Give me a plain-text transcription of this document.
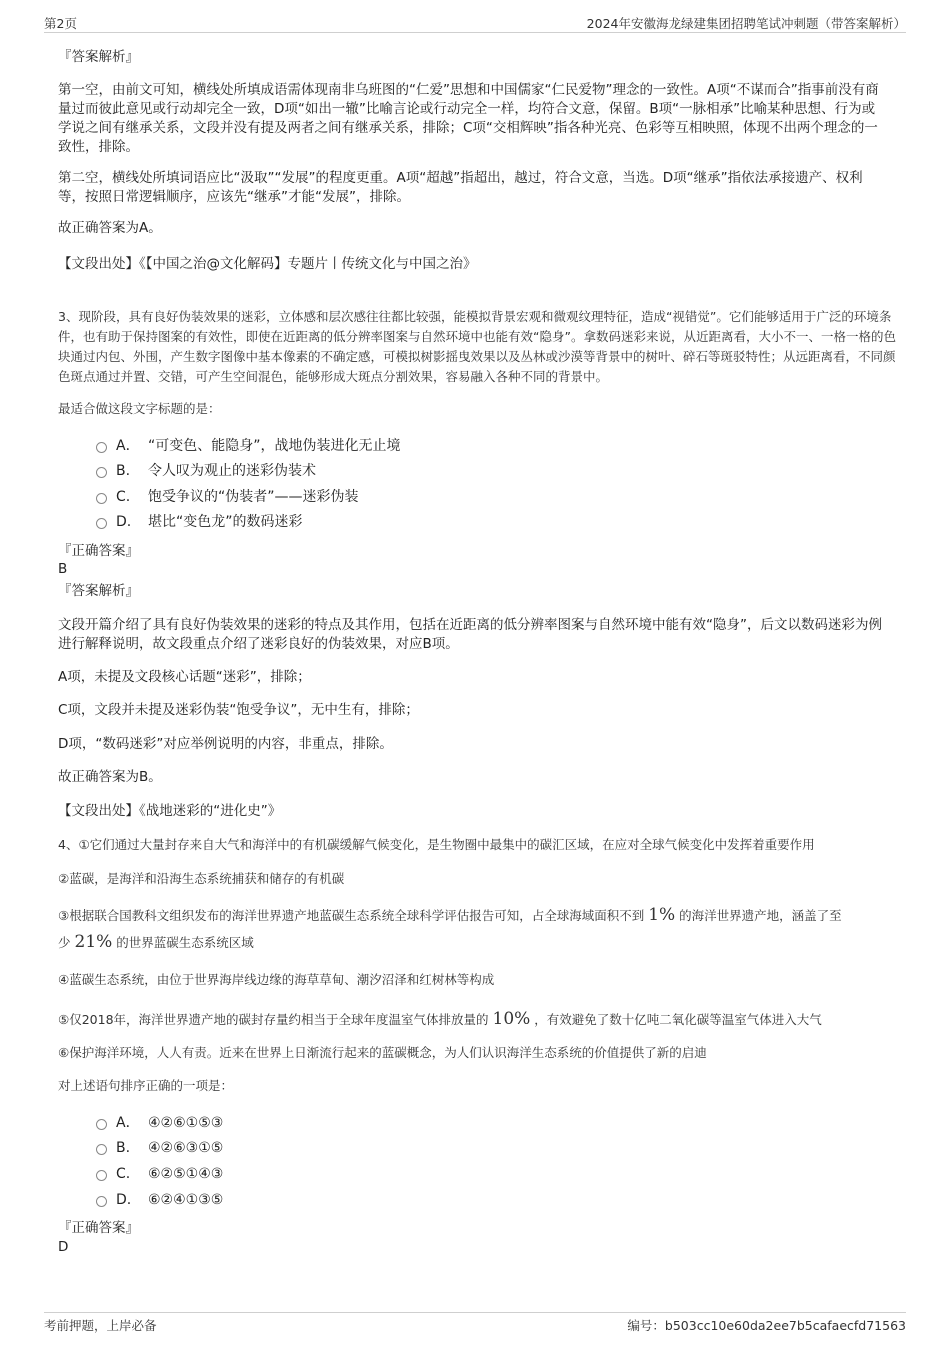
第2页	2024年安徽海龙绿建集团招聘笔试冲刺题（带答案解析）
『答案解析』
第一空，由前文可知，横线处所填成语需体现南非乌班图的“仁爱”思想和中国儒家“仁民爱物”理念的一致性。A项“不谋而合”指事前没有商量过而彼此意见或行动却完全一致，D项“如出一辙”比喻言论或行动完全一样，均符合文意，保留。B项“一脉相承”比喻某种思想、行为或学说之间有继承关系，文段并没有提及两者之间有继承关系，排除；C项“交相辉映”指各种光亮、色彩等互相映照，体现不出两个理念的一致性，排除。
第二空，横线处所填词语应比“汲取”“发展”的程度更重。A项“超越”指超出，越过，符合文意，当选。D项“继承”指依法承接遗产、权利等，按照日常逻辑顺序，应该先“继承”才能“发展”，排除。
故正确答案为A。
【文段出处】《【中国之治@文化解码】专题片丨传统文化与中国之治》
3、现阶段，具有良好伪装效果的迷彩，立体感和层次感往往都比较强，能模拟背景宏观和微观纹理特征，造成“视错觉”。它们能够适用于广泛的环境条件，也有助于保持图案的有效性，即使在近距离的低分辨率图案与自然环境中也能有效“隐身”。拿数码迷彩来说，从近距离看，大小不一、一格一格的色块通过内包、外围，产生数字图像中基本像素的不确定感，可模拟树影摇曳效果以及丛林或沙漠等背景中的树叶、碎石等斑驳特性；从远距离看，不同颜色斑点通过并置、交错，可产生空间混色，能够形成大斑点分割效果，容易融入各种不同的背景中。
最适合做这段文字标题的是：
A． “可变色、能隐身”，战地伪装进化无止境
B. 令人叹为观止的迷彩伪装术
C. 饱受争议的“伪装者”——迷彩伪装
D. 堪比“变色龙”的数码迷彩
『正确答案』
B
『答案解析』
文段开篇介绍了具有良好伪装效果的迷彩的特点及其作用，包括在近距离的低分辨率图案与自然环境中能有效“隐身”，后文以数码迷彩为例进行解释说明，故文段重点介绍了迷彩良好的伪装效果，对应B项。
A项，未提及文段核心话题“迷彩”，排除；
C项，文段并未提及迷彩伪装“饱受争议”，无中生有，排除；
D项，“数码迷彩”对应举例说明的内容，非重点，排除。
故正确答案为B。
【文段出处】《战地迷彩的“进化史”》
4、①它们通过大量封存来自大气和海洋中的有机碳缓解气候变化，是生物圈中最集中的碳汇区域，在应对全球气候变化中发挥着重要作用
②蓝碳，是海洋和沿海生态系统捕获和储存的有机碳
③根据联合国教科文组织发布的海洋世界遗产地蓝碳生态系统全球科学评估报告可知，占全球海域面积不到 1% 的海洋世界遗产地，涵盖了至
少 21% 的世界蓝碳生态系统区域
④蓝碳生态系统，由位于世界海岸线边缘的海草草甸、潮汐沼泽和红树林等构成
⑤仅2018年，海洋世界遗产地的碳封存量约相当于全球年度温室气体排放量的 10% ，有效避免了数十亿吨二氧化碳等温室气体进入大气
⑥保护海洋环境，人人有责。近来在世界上日渐流行起来的蓝碳概念，为人们认识海洋生态系统的价值提供了新的启迪
对上述语句排序正确的一项是：
A． ④②⑥①⑤③
B. ④②⑥③①⑤
C. ⑥②⑤①④③
D. ⑥②④①③⑤
『正确答案』
D
考前押题，上岸必备	编号：b503cc10e60da2ee7b5cafaecfd71563
